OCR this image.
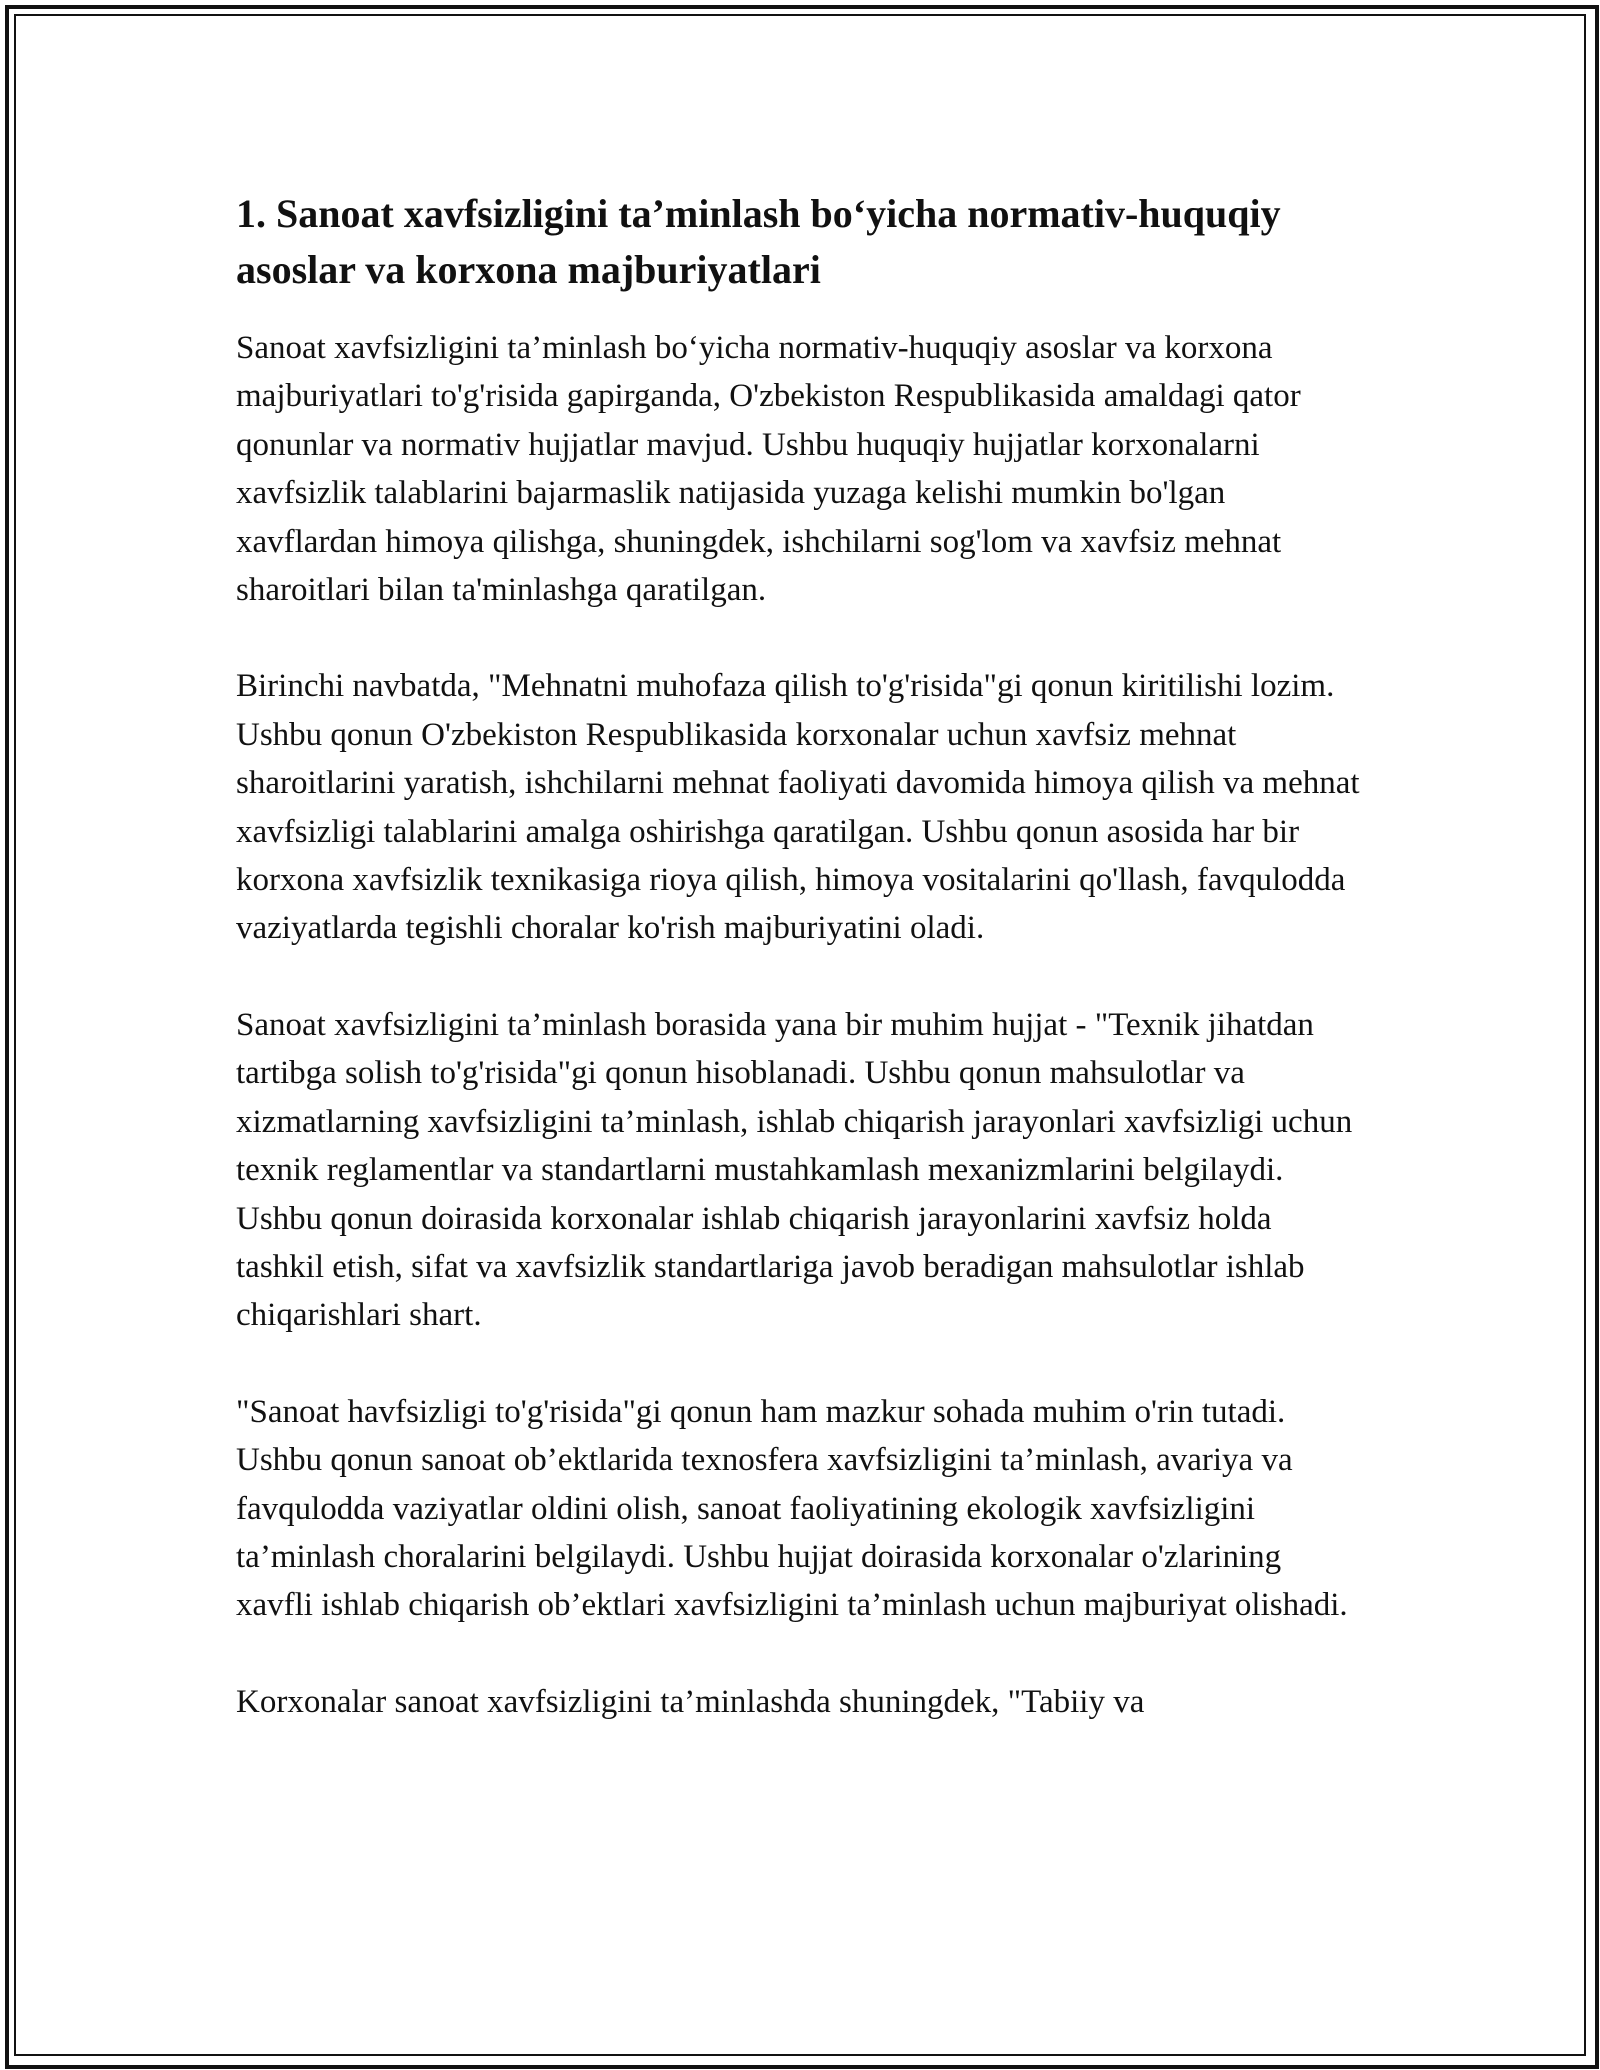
1. Sanoat xavfsizligini ta’minlash bo‘yicha normativ-huquqiy asoslar va korxona majburiyatlari

Sanoat xavfsizligini ta’minlash bo‘yicha normativ-huquqiy asoslar va korxona majburiyatlari to'g'risida gapirganda, O'zbekiston Respublikasida amaldagi qator qonunlar va normativ hujjatlar mavjud. Ushbu huquqiy hujjatlar korxonalarni xavfsizlik talablarini bajarmaslik natijasida yuzaga kelishi mumkin bo'lgan xavflardan himoya qilishga, shuningdek, ishchilarni sog'lom va xavfsiz mehnat sharoitlari bilan ta'minlashga qaratilgan.

Birinchi navbatda, "Mehnatni muhofaza qilish to'g'risida"gi qonun kiritilishi lozim. Ushbu qonun O'zbekiston Respublikasida korxonalar uchun xavfsiz mehnat sharoitlarini yaratish, ishchilarni mehnat faoliyati davomida himoya qilish va mehnat xavfsizligi talablarini amalga oshirishga qaratilgan. Ushbu qonun asosida har bir korxona xavfsizlik texnikasiga rioya qilish, himoya vositalarini qo'llash, favqulodda vaziyatlarda tegishli choralar ko'rish majburiyatini oladi.

Sanoat xavfsizligini ta’minlash borasida yana bir muhim hujjat - "Texnik jihatdan tartibga solish to'g'risida"gi qonun hisoblanadi. Ushbu qonun mahsulotlar va xizmatlarning xavfsizligini ta’minlash, ishlab chiqarish jarayonlari xavfsizligi uchun texnik reglamentlar va standartlarni mustahkamlash mexanizmlarini belgilaydi. Ushbu qonun doirasida korxonalar ishlab chiqarish jarayonlarini xavfsiz holda tashkil etish, sifat va xavfsizlik standartlariga javob beradigan mahsulotlar ishlab chiqarishlari shart.

"Sanoat havfsizligi to'g'risida"gi qonun ham mazkur sohada muhim o'rin tutadi. Ushbu qonun sanoat ob’ektlarida texnosfera xavfsizligini ta’minlash, avariya va favqulodda vaziyatlar oldini olish, sanoat faoliyatining ekologik xavfsizligini ta’minlash choralarini belgilaydi. Ushbu hujjat doirasida korxonalar o'zlarining xavfli ishlab chiqarish ob’ektlari xavfsizligini ta’minlash uchun majburiyat olishadi.

Korxonalar sanoat xavfsizligini ta’minlashda shuningdek, "Tabiiy va
